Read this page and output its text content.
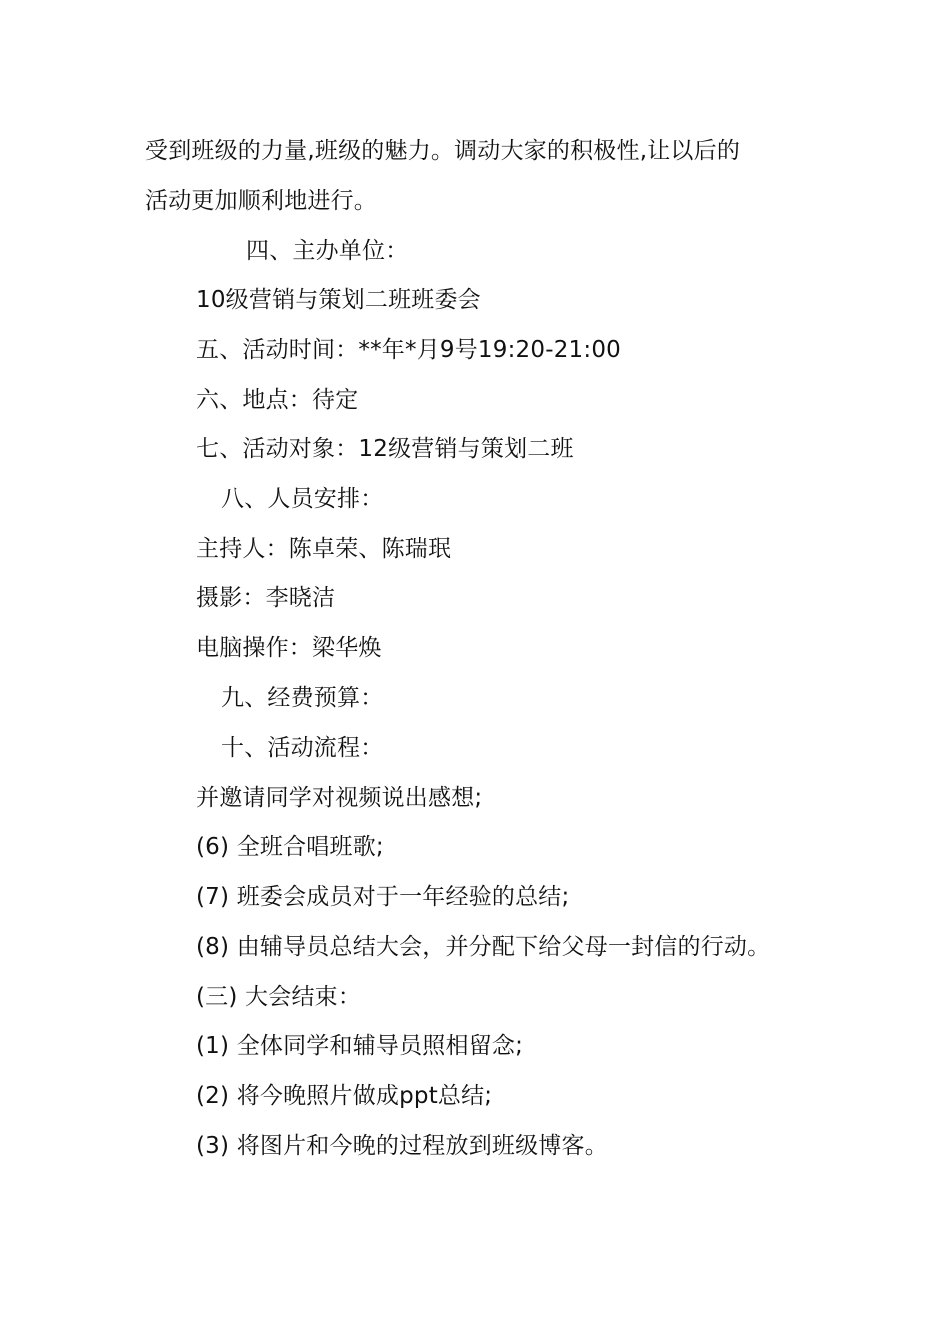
受到班级的力量,班级的魅力。调动大家的积极性,让以后的
活动更加顺利地进行。
四、主办单位：
10级营销与策划二班班委会
五、活动时间：**年*月9号19:20-21:00
六、地点：待定
七、活动对象：12级营销与策划二班
八、人员安排：
主持人：陈卓荣、陈瑞珉
摄影：李晓洁
电脑操作：梁华焕
九、经费预算：
十、活动流程：
并邀请同学对视频说出感想;
(6) 全班合唱班歌;
(7) 班委会成员对于一年经验的总结;
(8) 由辅导员总结大会，并分配下给父母一封信的行动。
(三) 大会结束：
(1) 全体同学和辅导员照相留念;
(2) 将今晚照片做成ppt总结;
(3) 将图片和今晚的过程放到班级博客。
